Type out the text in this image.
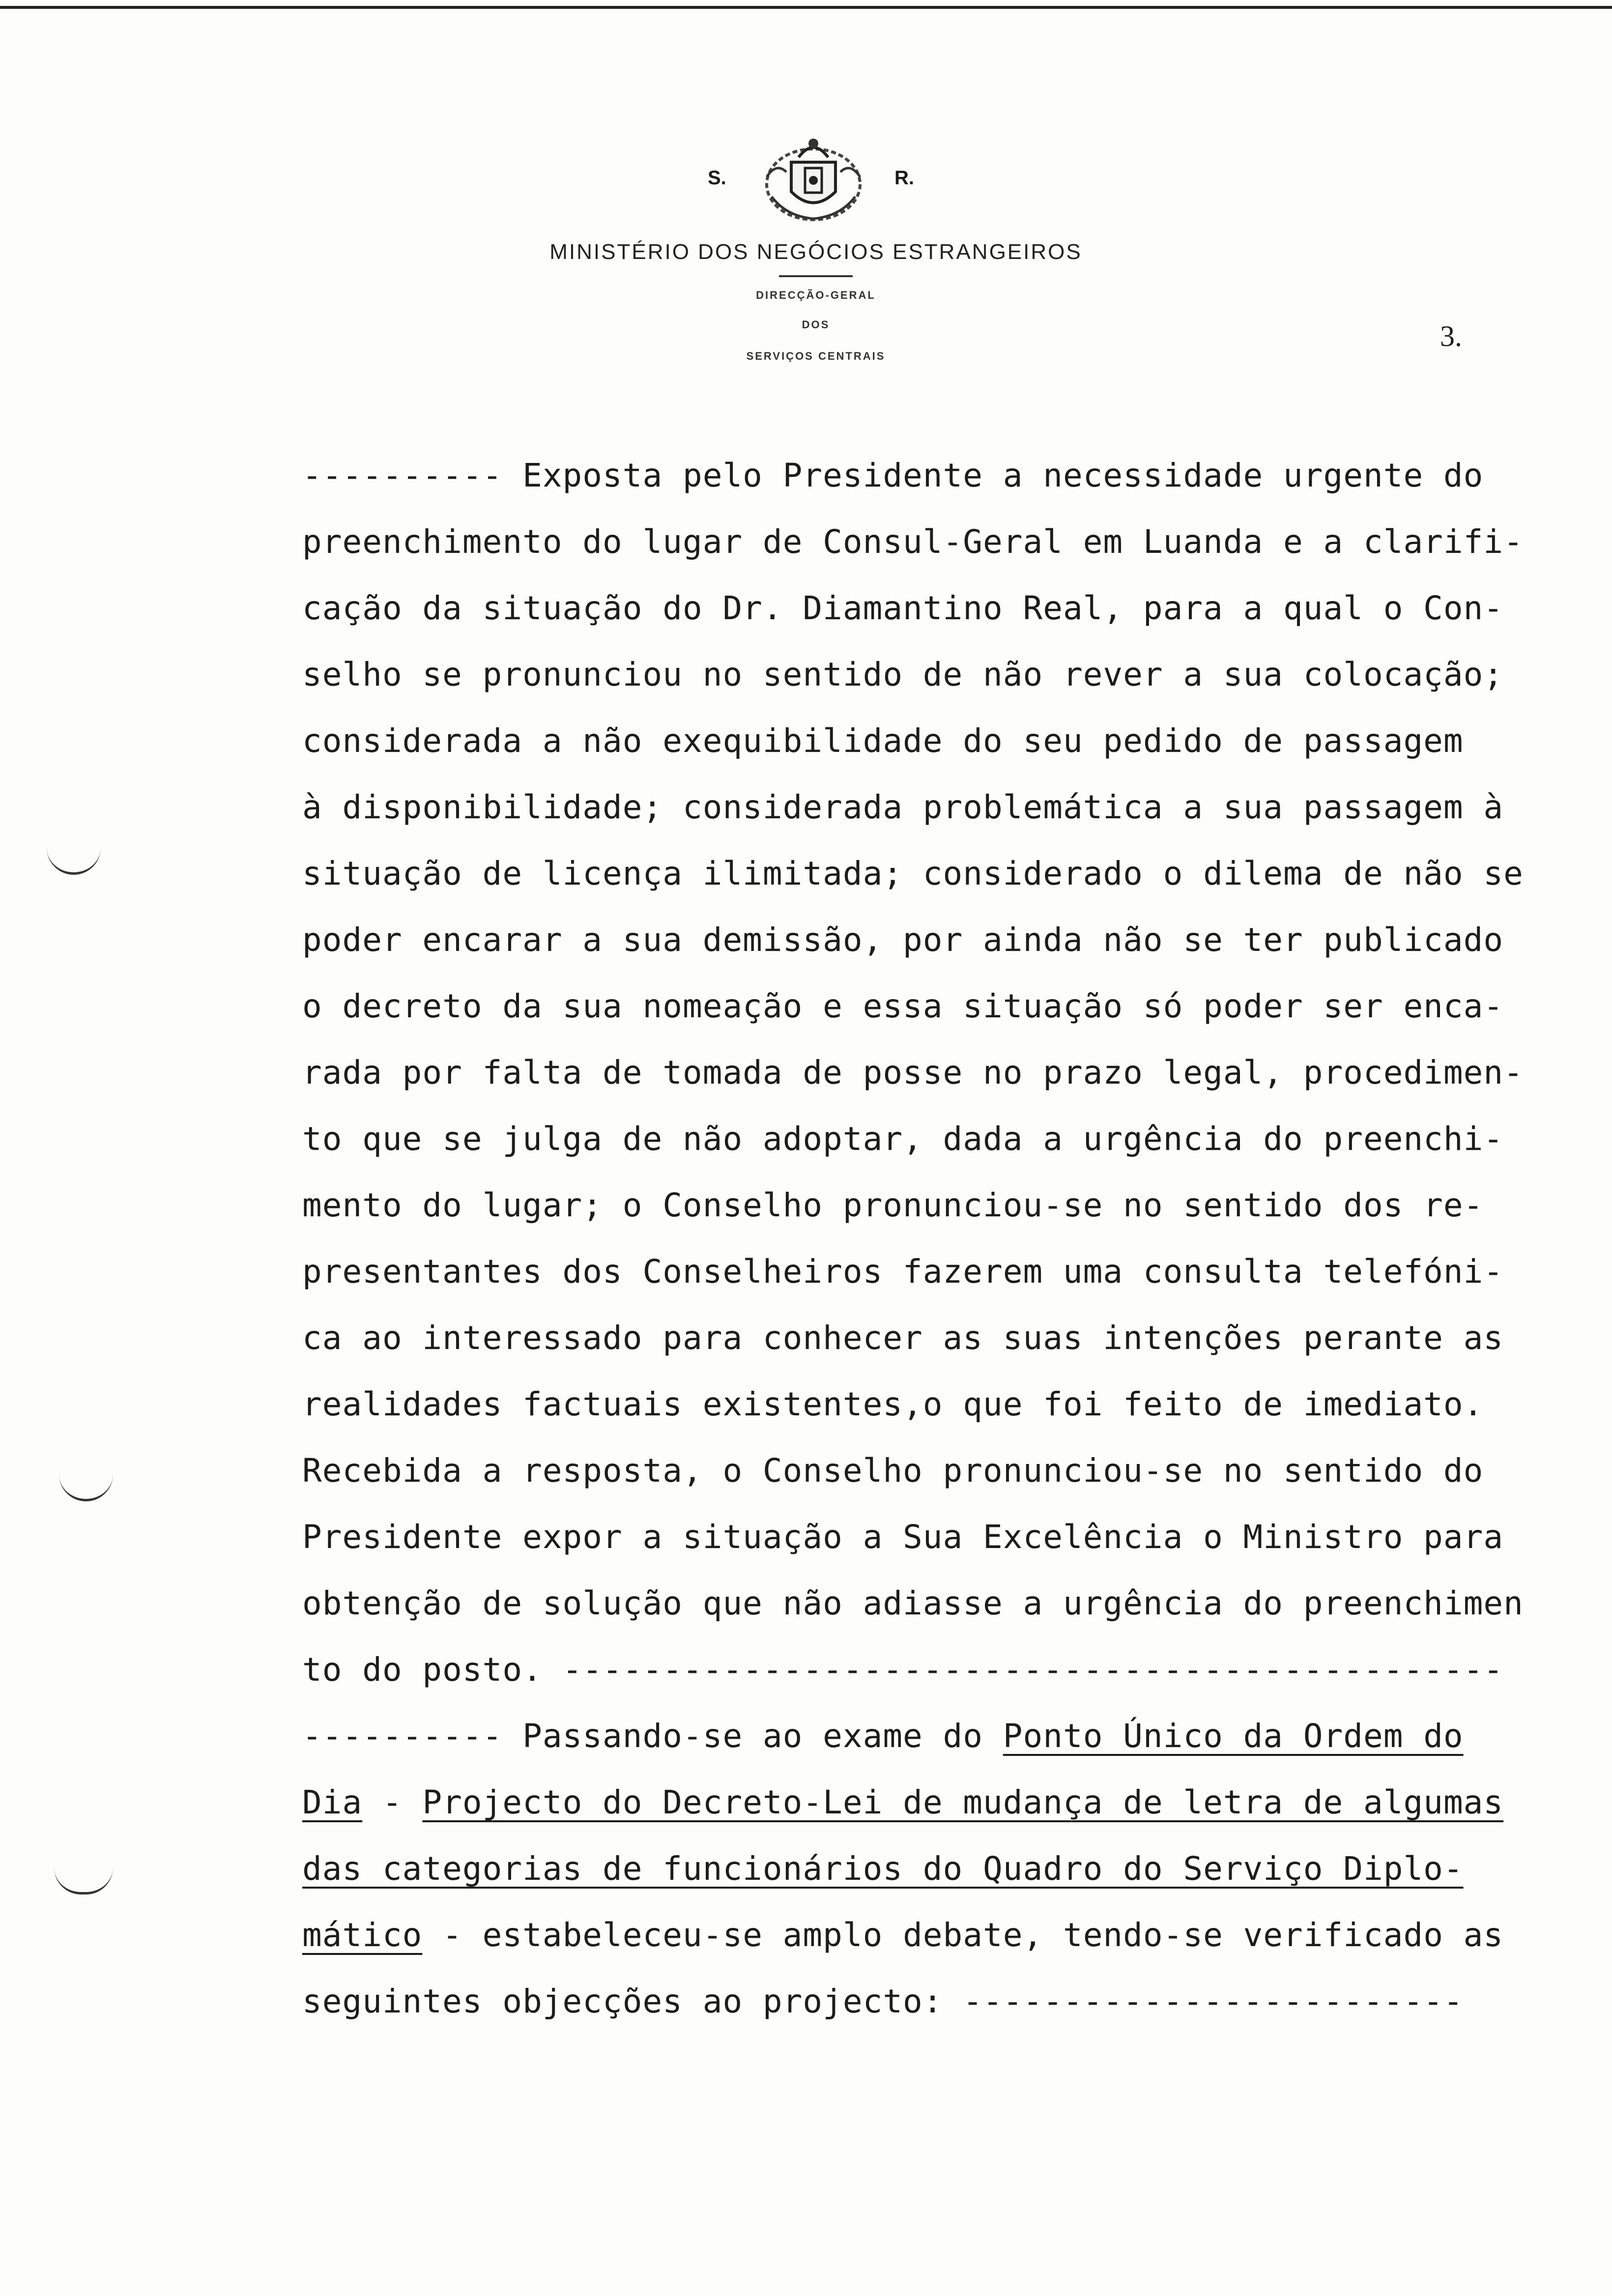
S.	R.
MINISTÉRIO DOS NEGÓCIOS ESTRANGEIROS
DIRECÇÃO-GERAL
DOS
SERVIÇOS CENTRAIS
3.
---------- Exposta pelo Presidente a necessidade urgente do
preenchimento do lugar de Consul-Geral em Luanda e a clarifi-
cação da situação do Dr. Diamantino Real, para a qual o Con-
selho se pronunciou no sentido de não rever a sua colocação;
considerada a não exequibilidade do seu pedido de passagem
à disponibilidade; considerada problemática a sua passagem à
situação de licença ilimitada; considerado o dilema de não se
poder encarar a sua demissão, por ainda não se ter publicado
o decreto da sua nomeação e essa situação só poder ser enca-
rada por falta de tomada de posse no prazo legal, procedimen-
to que se julga de não adoptar, dada a urgência do preenchi-
mento do lugar; o Conselho pronunciou-se no sentido dos re-
presentantes dos Conselheiros fazerem uma consulta telefóni-
ca ao interessado para conhecer as suas intenções perante as
realidades factuais existentes,o que foi feito de imediato.
Recebida a resposta, o Conselho pronunciou-se no sentido do
Presidente expor a situação a Sua Excelência o Ministro para
obtenção de solução que não adiasse a urgência do preenchimen
to do posto. -----------------------------------------------
---------- Passando-se ao exame do Ponto Único da Ordem do
Dia - Projecto do Decreto-Lei de mudança de letra de algumas
das categorias de funcionários do Quadro do Serviço Diplo-
mático - estabeleceu-se amplo debate, tendo-se verificado as
seguintes objecções ao projecto: -------------------------
